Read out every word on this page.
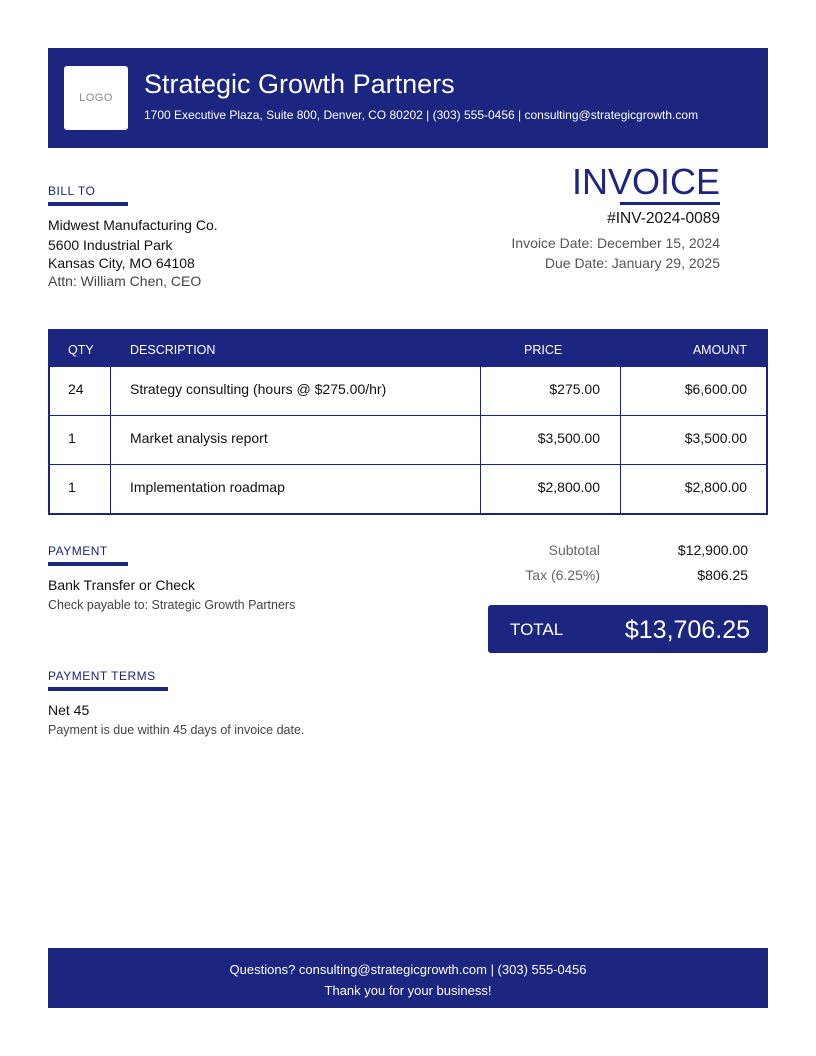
LOGO	Strategic Growth Partners
1700 Executive Plaza, Suite 800, Denver, CO 80202 | (303) 555-0456 | consulting@strategicgrowth.com
BILL TO
Midwest Manufacturing Co.
5600 Industrial Park
Kansas City, MO 64108
Attn: William Chen, CEO
INVOICE
#INV-2024-0089
Invoice Date: December 15, 2024
Due Date: January 29, 2025
QTY	DESCRIPTION	PRICE	AMOUNT
24	Strategy consulting (hours @ $275.00/hr)	$275.00	$6,600.00
1	Market analysis report	$3,500.00	$3,500.00
1	Implementation roadmap	$2,800.00	$2,800.00
PAYMENT
Bank Transfer or Check
Check payable to: Strategic Growth Partners
PAYMENT TERMS
Net 45
Payment is due within 45 days of invoice date.
Subtotal	$12,900.00
Tax (6.25%)	$806.25
TOTAL $13,706.25
Questions? consulting@strategicgrowth.com | (303) 555-0456
Thank you for your business!
